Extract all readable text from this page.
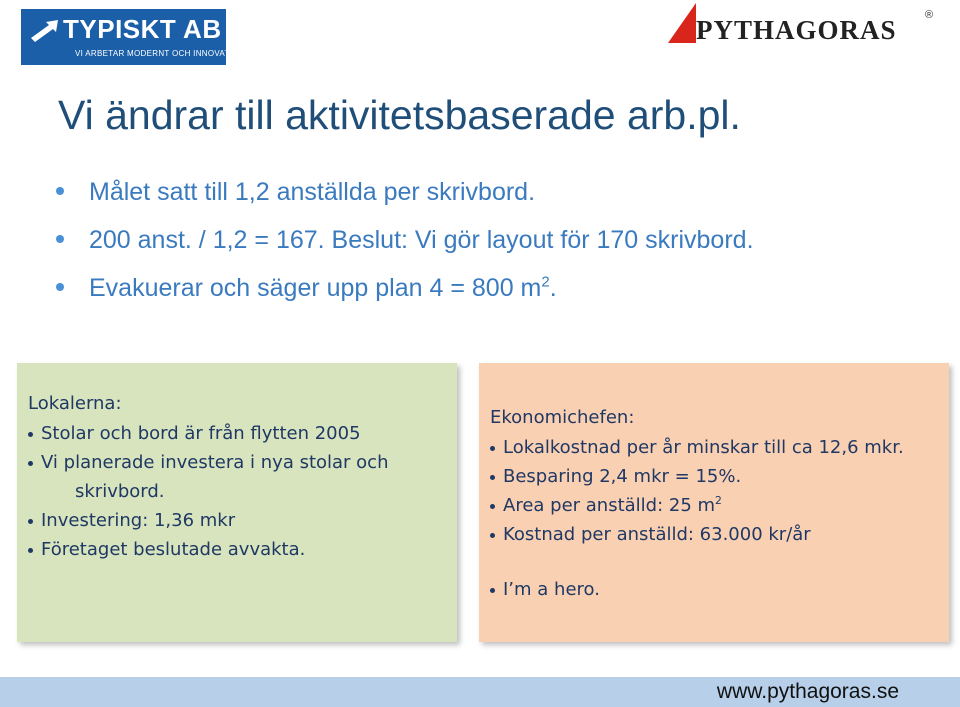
TYPISKT AB
VI ARBETAR MODERNT OCH INNOVATIVT
PYTHAGORAS	®
Vi ändrar till aktivitetsbaserade arb.pl.
Målet satt till 1,2 anställda per skrivbord.
200 anst. / 1,2 = 167. Beslut: Vi gör layout för 170 skrivbord.
Evakuerar och säger upp plan 4 = 800 $m^2$.
Lokalerna:
Stolar och bord är från flytten 2005
Vi planerade investera i nya stolar och
skrivbord.
Investering: 1,36 mkr
Företaget beslutade avvakta.
Ekonomichefen:
Lokalkostnad per år minskar till ca 12,6 mkr.
Besparing 2,4 mkr = 15%.
Area per anställd: 25 $m^2$
Kostnad per anställd: 63.000 kr/år
I’m a hero.
www.pythagoras.se
